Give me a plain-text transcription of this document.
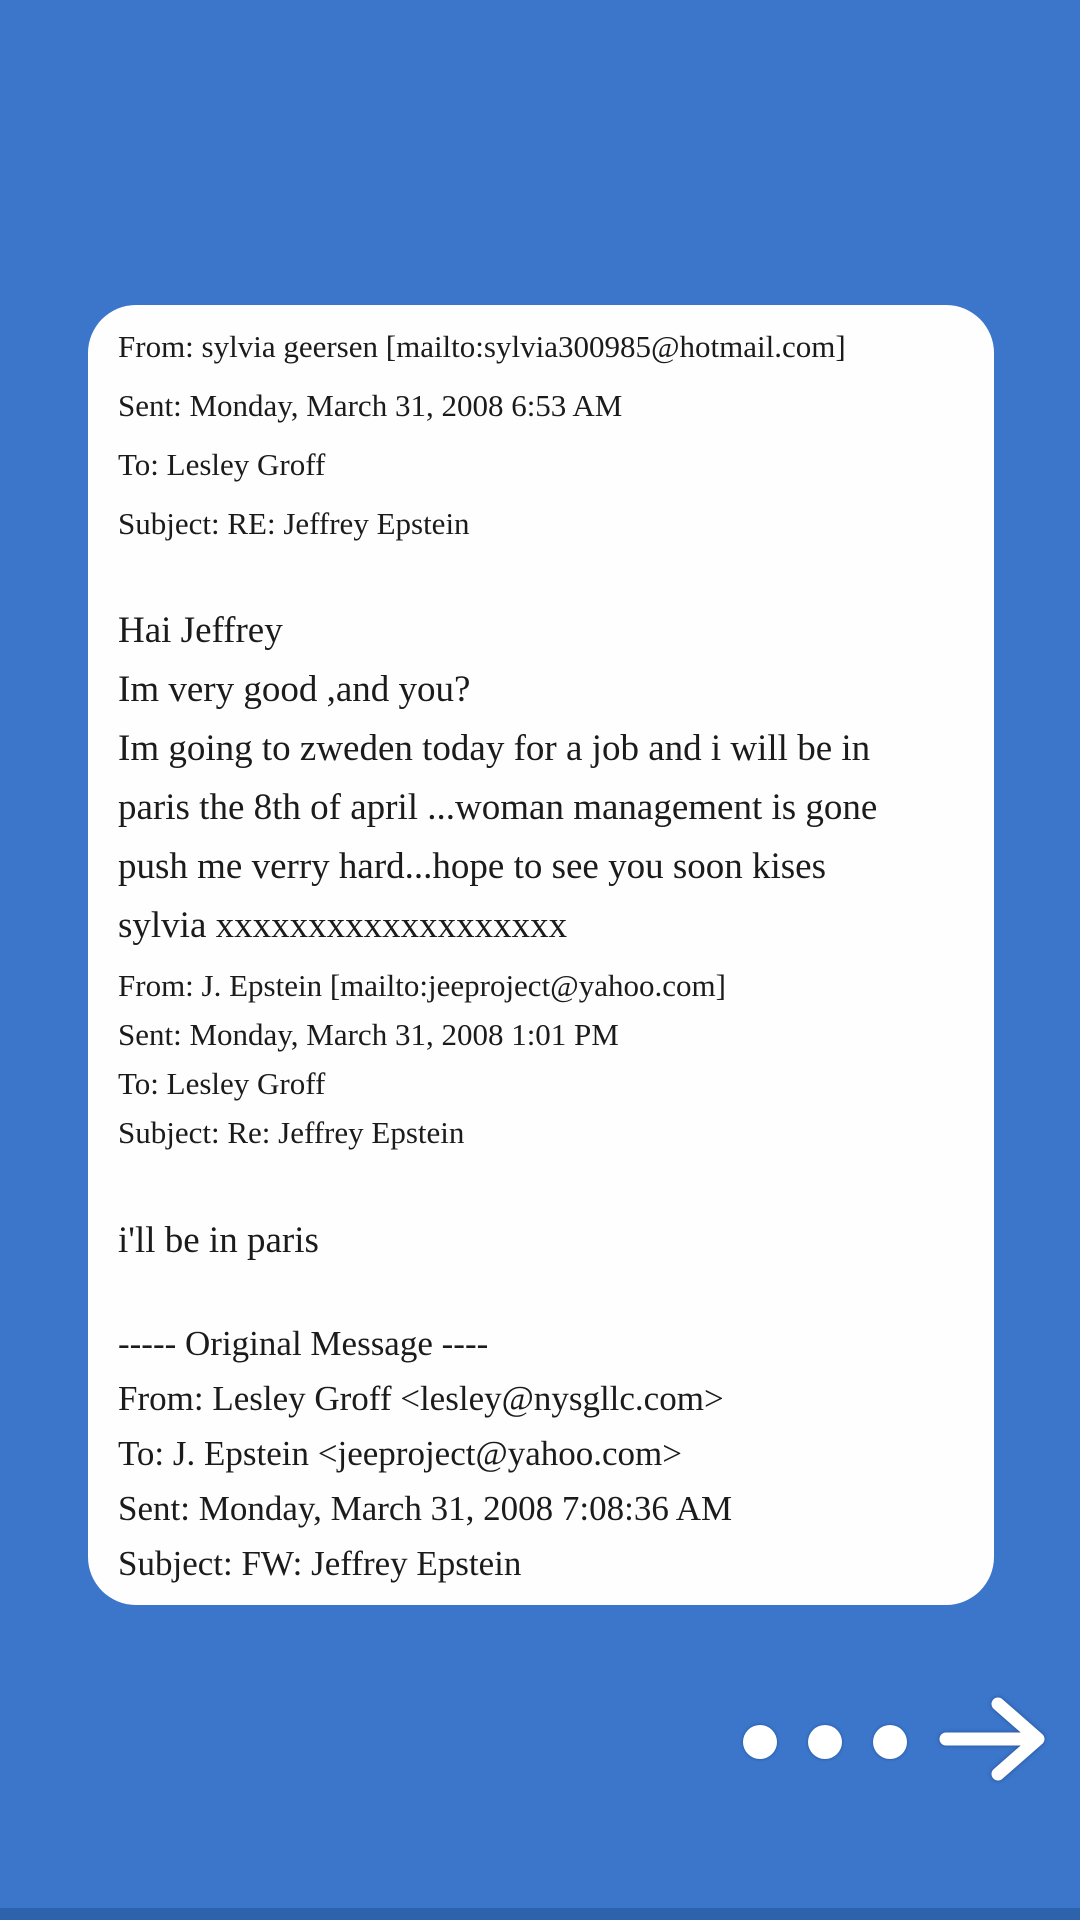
From: sylvia geersen [mailto:sylvia300985@hotmail.com]

Sent: Monday, March 31, 2008 6:53 AM

To: Lesley Groff

Subject: RE: Jeffrey Epstein

Hai Jeffrey

Im very good ,and you?

Im going to zweden today for a job and i will be in

paris the 8th of april ...woman management is gone

push me verry hard...hope to see you soon kises

sylvia xxxxxxxxxxxxxxxxxxx

From: J. Epstein [mailto:jeeproject@yahoo.com]

Sent: Monday, March 31, 2008 1:01 PM

To: Lesley Groff

Subject: Re: Jeffrey Epstein

i'll be in paris

----- Original Message ----

From: Lesley Groff <lesley@nysgllc.com>

To: J. Epstein <jeeproject@yahoo.com>

Sent: Monday, March 31, 2008 7:08:36 AM

Subject: FW: Jeffrey Epstein
